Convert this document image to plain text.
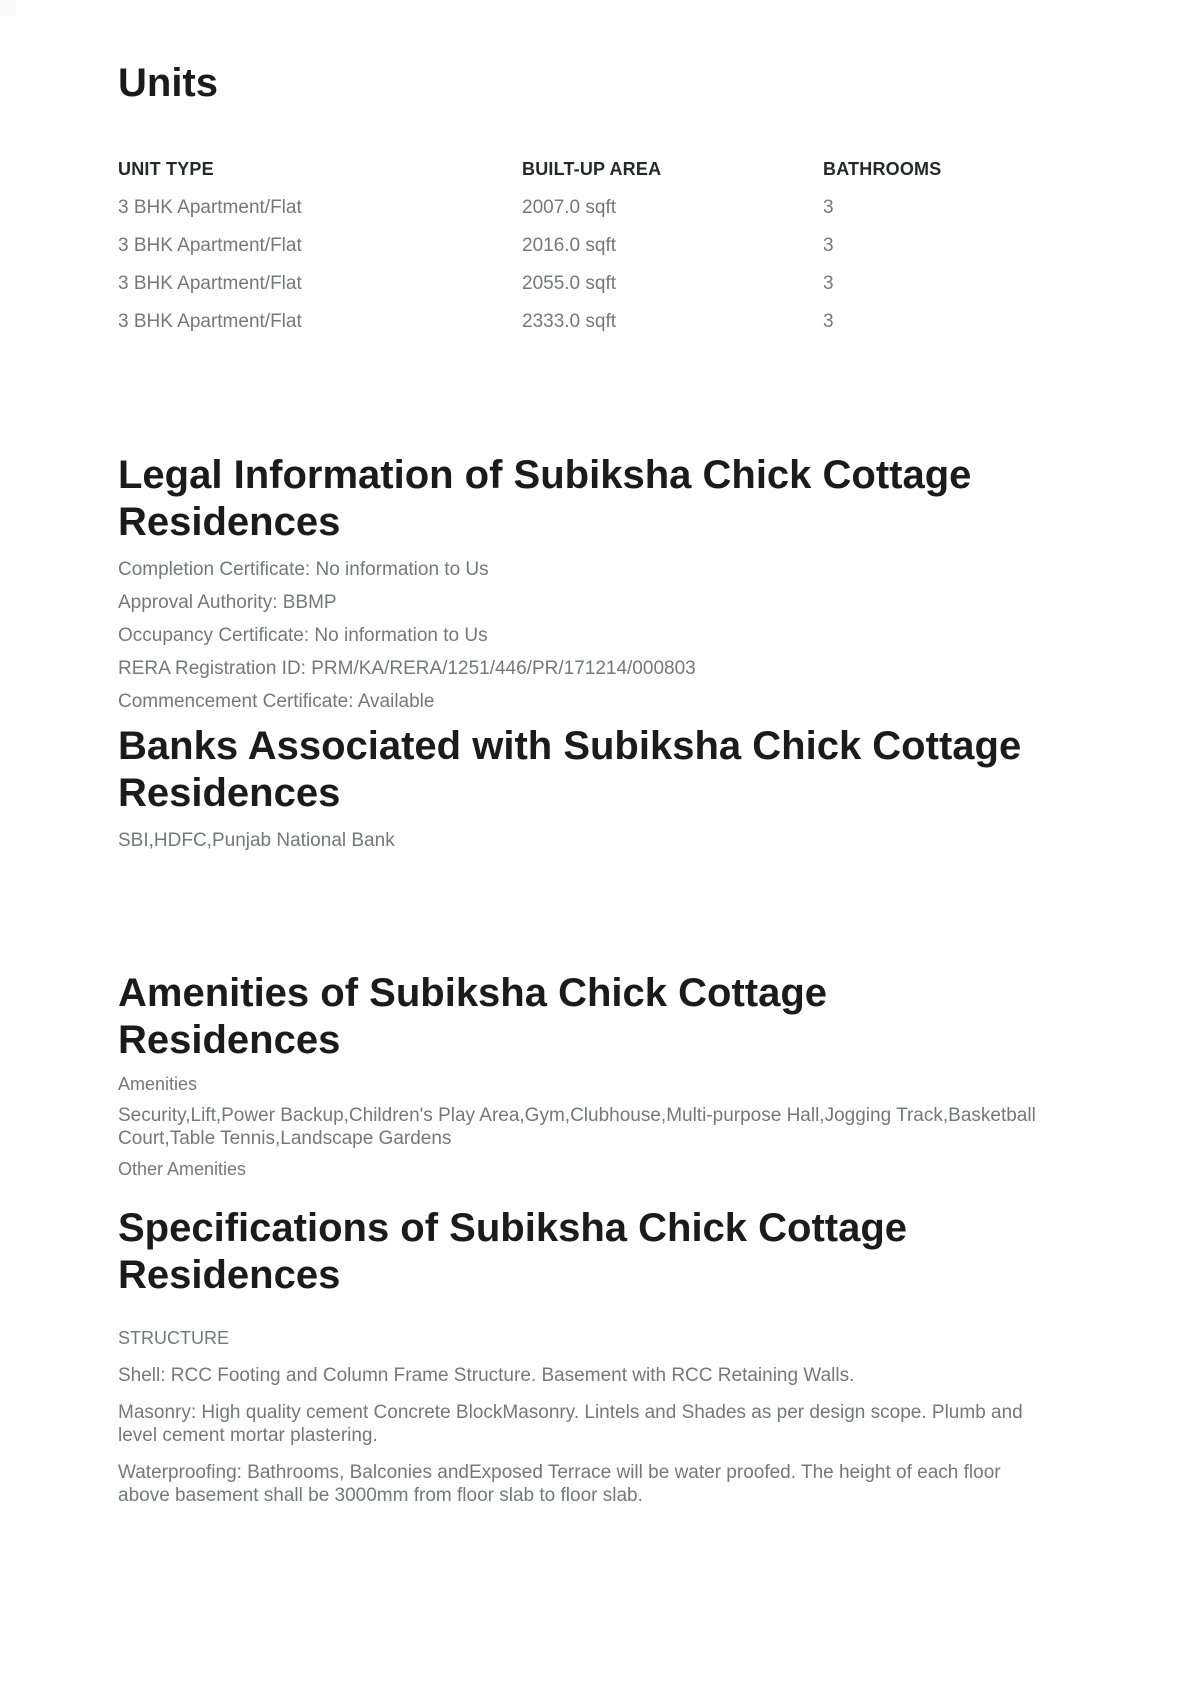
Units
UNIT TYPE	BUILT-UP AREA	BATHROOMS
3 BHK Apartment/Flat	2007.0 sqft	3
3 BHK Apartment/Flat	2016.0 sqft	3
3 BHK Apartment/Flat	2055.0 sqft	3
3 BHK Apartment/Flat	2333.0 sqft	3
Legal Information of Subiksha Chick Cottage Residences

Completion Certificate: No information to Us

Approval Authority: BBMP

Occupancy Certificate: No information to Us

RERA Registration ID: PRM/KA/RERA/1251/446/PR/171214/000803

Commencement Certificate: Available

Banks Associated with Subiksha Chick Cottage Residences

SBI,HDFC,Punjab National Bank

Amenities of Subiksha Chick Cottage Residences

Amenities

Security,Lift,Power Backup,Children's Play Area,Gym,Clubhouse,Multi-purpose Hall,Jogging Track,Basketball Court,Table Tennis,Landscape Gardens

Other Amenities

Specifications of Subiksha Chick Cottage Residences

STRUCTURE

Shell: RCC Footing and Column Frame Structure. Basement with RCC Retaining Walls.

Masonry: High quality cement Concrete BlockMasonry. Lintels and Shades as per design scope. Plumb and level cement mortar plastering.

Waterproofing: Bathrooms, Balconies andExposed Terrace will be water proofed. The height of each floor above basement shall be 3000mm from floor slab to floor slab.
